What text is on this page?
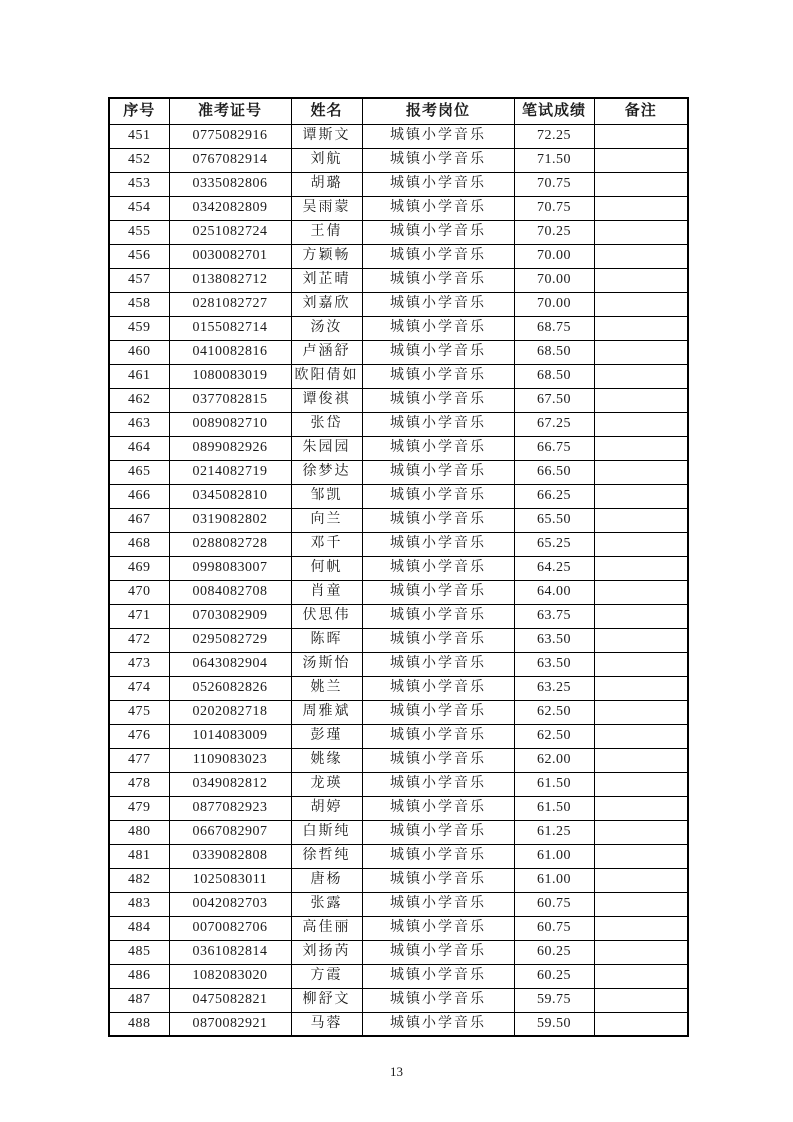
序号	准考证号	姓名	报考岗位	笔试成绩	备注
451	0775082916	谭斯文	城镇小学音乐	72.25	
452	0767082914	刘航	城镇小学音乐	71.50	
453	0335082806	胡璐	城镇小学音乐	70.75	
454	0342082809	吴雨蒙	城镇小学音乐	70.75	
455	0251082724	王倩	城镇小学音乐	70.25	
456	0030082701	方颖畅	城镇小学音乐	70.00	
457	0138082712	刘芷晴	城镇小学音乐	70.00	
458	0281082727	刘嘉欣	城镇小学音乐	70.00	
459	0155082714	汤汝	城镇小学音乐	68.75	
460	0410082816	卢涵舒	城镇小学音乐	68.50	
461	1080083019	欧阳倩如	城镇小学音乐	68.50	
462	0377082815	谭俊祺	城镇小学音乐	67.50	
463	0089082710	张岱	城镇小学音乐	67.25	
464	0899082926	朱园园	城镇小学音乐	66.75	
465	0214082719	徐梦达	城镇小学音乐	66.50	
466	0345082810	邹凯	城镇小学音乐	66.25	
467	0319082802	向兰	城镇小学音乐	65.50	
468	0288082728	邓千	城镇小学音乐	65.25	
469	0998083007	何帆	城镇小学音乐	64.25	
470	0084082708	肖童	城镇小学音乐	64.00	
471	0703082909	伏思伟	城镇小学音乐	63.75	
472	0295082729	陈晖	城镇小学音乐	63.50	
473	0643082904	汤斯怡	城镇小学音乐	63.50	
474	0526082826	姚兰	城镇小学音乐	63.25	
475	0202082718	周雅斌	城镇小学音乐	62.50	
476	1014083009	彭瑾	城镇小学音乐	62.50	
477	1109083023	姚缘	城镇小学音乐	62.00	
478	0349082812	龙瑛	城镇小学音乐	61.50	
479	0877082923	胡婷	城镇小学音乐	61.50	
480	0667082907	白斯纯	城镇小学音乐	61.25	
481	0339082808	徐哲纯	城镇小学音乐	61.00	
482	1025083011	唐杨	城镇小学音乐	61.00	
483	0042082703	张露	城镇小学音乐	60.75	
484	0070082706	高佳丽	城镇小学音乐	60.75	
485	0361082814	刘扬芮	城镇小学音乐	60.25	
486	1082083020	方霞	城镇小学音乐	60.25	
487	0475082821	柳舒文	城镇小学音乐	59.75	
488	0870082921	马蓉	城镇小学音乐	59.50	
13
